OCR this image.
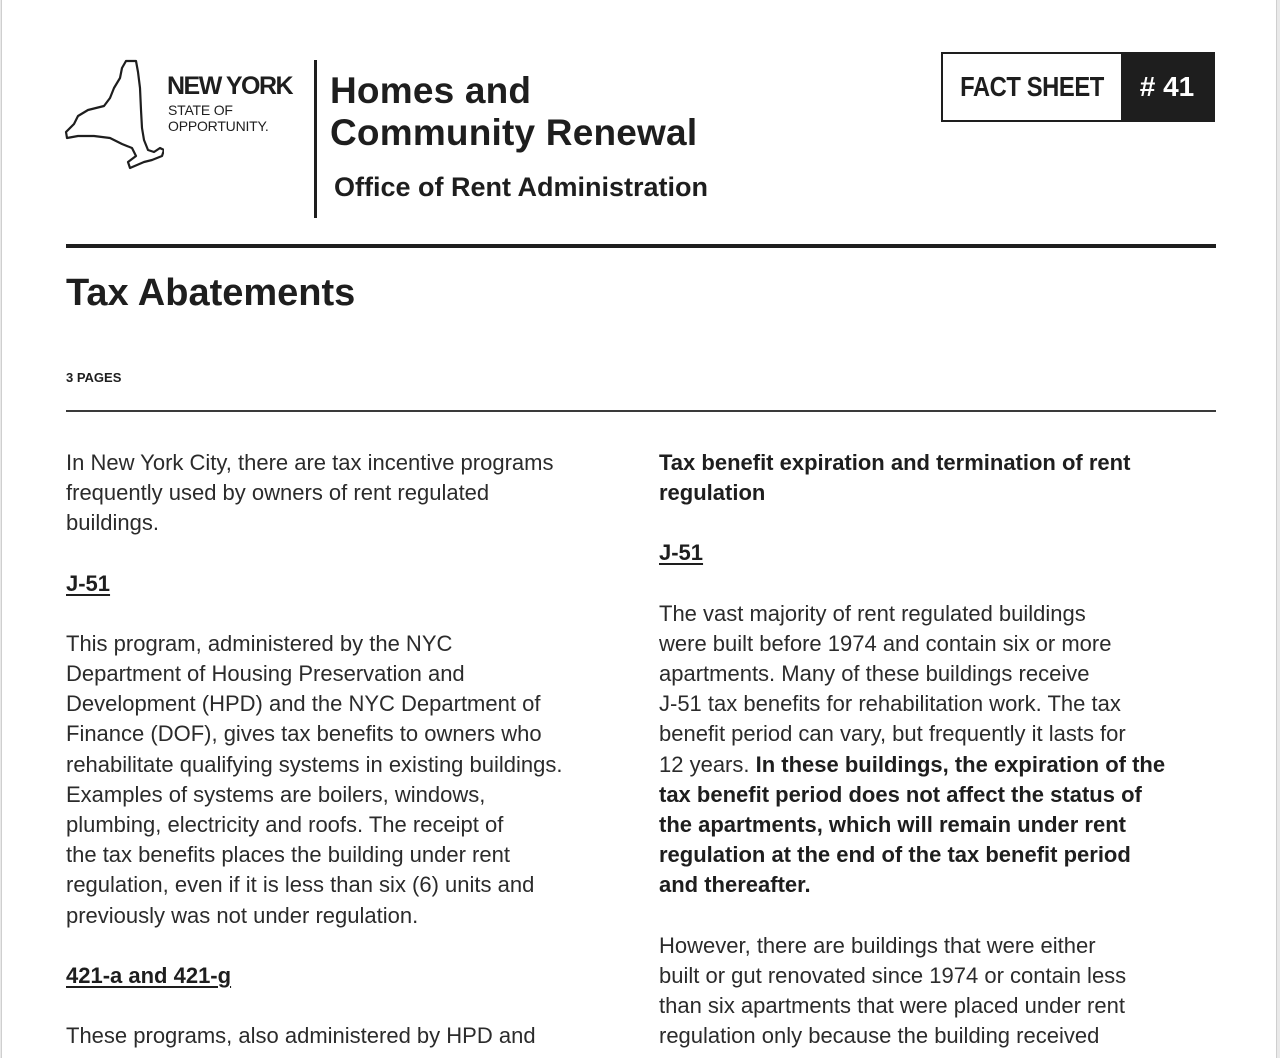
NEW YORK
STATE OF
OPPORTUNITY.
Homes and
Community Renewal
Office of Rent Administration
FACT SHEET	# 41
Tax Abatements
3 PAGES

In New York City, there are tax incentive programs
frequently used by owners of rent regulated
buildings.

J-51

This program, administered by the NYC
Department of Housing Preservation and
Development (HPD) and the NYC Department of
Finance (DOF), gives tax benefits to owners who
rehabilitate qualifying systems in existing buildings.
Examples of systems are boilers, windows,
plumbing, electricity and roofs. The receipt of
the tax benefits places the building under rent
regulation, even if it is less than six (6) units and
previously was not under regulation.

421-a and 421-g

These programs, also administered by HPD and

Tax benefit expiration and termination of rent
regulation

J-51

The vast majority of rent regulated buildings
were built before 1974 and contain six or more
apartments. Many of these buildings receive
J-51 tax benefits for rehabilitation work. The tax
benefit period can vary, but frequently it lasts for
12 years. In these buildings, the expiration of the
tax benefit period does not affect the status of
the apartments, which will remain under rent
regulation at the end of the tax benefit period
and thereafter.

However, there are buildings that were either
built or gut renovated since 1974 or contain less
than six apartments that were placed under rent
regulation only because the building received
